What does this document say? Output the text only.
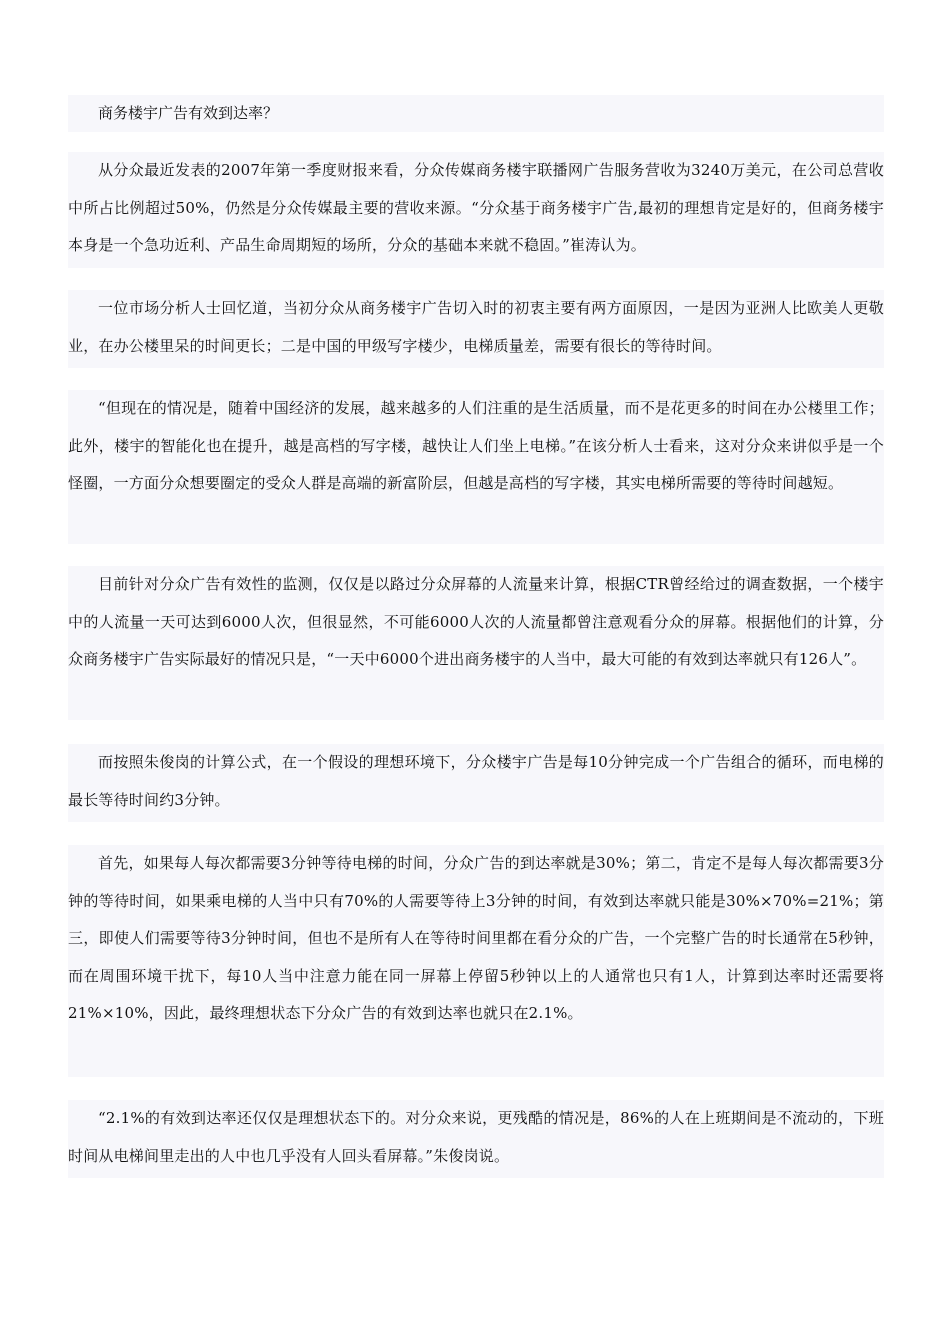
商务楼宇广告有效到达率？

从分众最近发表的2007年第一季度财报来看，分众传媒商务楼宇联播网广告服务营收为3240万美元，在公司总营收中所占比例超过50%，仍然是分众传媒最主要的营收来源。“分众基于商务楼宇广告,最初的理想肯定是好的，但商务楼宇本身是一个急功近利、产品生命周期短的场所，分众的基础本来就不稳固。”崔涛认为。

一位市场分析人士回忆道，当初分众从商务楼宇广告切入时的初衷主要有两方面原因，一是因为亚洲人比欧美人更敬业，在办公楼里呆的时间更长；二是中国的甲级写字楼少，电梯质量差，需要有很长的等待时间。

“但现在的情况是，随着中国经济的发展，越来越多的人们注重的是生活质量，而不是花更多的时间在办公楼里工作；此外，楼宇的智能化也在提升，越是高档的写字楼，越快让人们坐上电梯。”在该分析人士看来，这对分众来讲似乎是一个怪圈，一方面分众想要圈定的受众人群是高端的新富阶层，但越是高档的写字楼，其实电梯所需要的等待时间越短。

目前针对分众广告有效性的监测，仅仅是以路过分众屏幕的人流量来计算，根据CTR曾经给过的调查数据，一个楼宇中的人流量一天可达到6000人次，但很显然，不可能6000人次的人流量都曾注意观看分众的屏幕。根据他们的计算，分众商务楼宇广告实际最好的情况只是，“一天中6000个进出商务楼宇的人当中，最大可能的有效到达率就只有126人”。

而按照朱俊岗的计算公式，在一个假设的理想环境下，分众楼宇广告是每10分钟完成一个广告组合的循环，而电梯的最长等待时间约3分钟。

首先，如果每人每次都需要3分钟等待电梯的时间，分众广告的到达率就是30%；第二，肯定不是每人每次都需要3分钟的等待时间，如果乘电梯的人当中只有70%的人需要等待上3分钟的时间，有效到达率就只能是30%×70%=21%；第三，即使人们需要等待3分钟时间，但也不是所有人在等待时间里都在看分众的广告，一个完整广告的时长通常在5秒钟，而在周围环境干扰下，每10人当中注意力能在同一屏幕上停留5秒钟以上的人通常也只有1人，计算到达率时还需要将21%×10%，因此，最终理想状态下分众广告的有效到达率也就只在2.1%。

“2.1%的有效到达率还仅仅是理想状态下的。对分众来说，更残酷的情况是，86%的人在上班期间是不流动的，下班时间从电梯间里走出的人中也几乎没有人回头看屏幕。”朱俊岗说。
